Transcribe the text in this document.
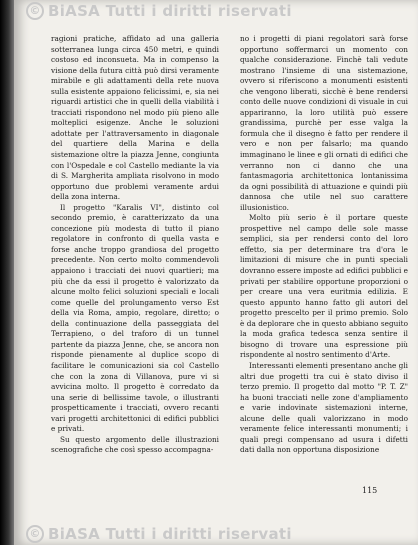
© BiASA Tutti i diritti riservati

ragioni pratiche, affidato ad una galleria sotterranea lunga circa 450 metri, e quindi costoso ed inconsueta. Ma in compenso la visione della futura città può dirsi veramente mirabile e gli adattamenti della rete nuova sulla esistente appaiono felicissimi, e, sia nei riguardi artistici che in quelli della viabilità i tracciati rispondono nel modo più pieno alle molteplici esigenze. Anche le soluzioni adottate per l'attraversamento in diagonale del quartiere della Marina e della sistemazione oltre la piazza Jenne, congiunta con l'Ospedale e col Castello mediante la via di S. Margherita ampliata risolvono in modo opportuno due problemi veramente ardui della zona interna.

Il progetto "Karalis VI", distinto col secondo premio, è caratterizzato da una concezione più modesta di tutto il piano regolatore in confronto di quella vasta e forse anche troppo grandiosa del progetto precedente. Non certo molto commendevoli appaiono i tracciati dei nuovi quartieri; ma più che da essi il progetto è valorizzato da alcune molto felici soluzioni speciali e locali come quelle del prolungamento verso Est della via Roma, ampio, regolare, diretto; o della continuazione della passeggiata del Terrapieno, o del traforo di un tunnel partente da piazza Jenne, che, se ancora non risponde pienamente al duplice scopo di facilitare le comunicazioni sia col Castello che con la zona di Villanova, pure vi si avvicina molto. Il progetto è corredato da una serie di bellissime tavole, o illustranti prospetticamente i tracciati, ovvero recanti vari progetti architettonici di edifici pubblici e privati.

Su questo argomento delle illustrazioni scenografiche che così spesso accompagna-

no i progetti di piani regolatori sarà forse opportuno soffermarci un momento con qualche considerazione. Finchè tali vedute mostrano l'insieme di una sistemazione, ovvero si riferiscono a monumenti esistenti che vengono liberati, sicchè è bene rendersi conto delle nuove condizioni di visuale in cui appariranno, la loro utilità può essere grandissima, purchè per esse valga la formula che il disegno è fatto per rendere il vero e non per falsarlo; ma quando immaginano le linee e gli ornati di edifici che verranno non ci danno che una fantasmagoria architettonica lontanissima da ogni possibilità di attuazione e quindi più dannosa che utile nel suo carattere illusionistico.

Molto più serio è il portare queste prospettive nel campo delle sole masse semplici, sia per rendersi conto del loro effetto, sia per determinare tra d'ora le limitazioni di misure che in punti speciali dovranno essere imposte ad edifici pubblici e privati per stabilire opportune proporzioni o per creare una vera euritmia edilizia. E questo appunto hanno fatto gli autori del progetto prescelto per il primo premio. Solo è da deplorare che in questo abbiano seguito la moda grafica tedesca senza sentire il bisogno di trovare una espressione più rispondente al nostro sentimento d'Arte.

Interessanti elementi presentano anche gli altri due progetti tra cui è stato diviso il terzo premio. Il progetto dal motto "P. T. Z" ha buoni tracciati nelle zone d'ampliamento e varie indovinate sistemazioni interne, alcune delle quali valorizzano in modo veramente felice interessanti monumenti; i quali pregi compensano ad usura i difetti dati dalla non opportuna disposizione

115
© BiASA Tutti i diritti riservati
